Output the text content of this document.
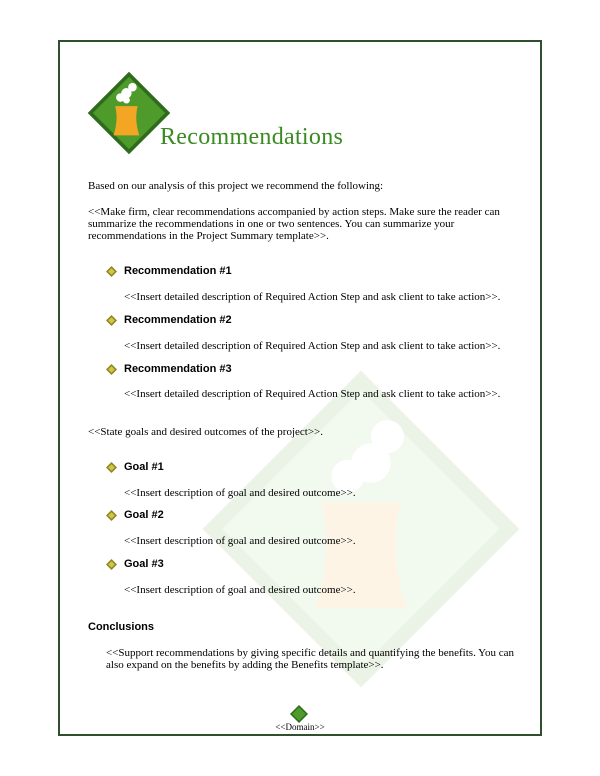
Recommendations
Based on our analysis of this project we recommend the following:
<<Make firm, clear recommendations accompanied by action steps. Make sure the reader can
summarize the recommendations in one or two sentences. You can summarize your
recommendations in the Project Summary template>>.
Recommendation #1
<<Insert detailed description of Required Action Step and ask client to take action>>.
Recommendation #2
<<Insert detailed description of Required Action Step and ask client to take action>>.
Recommendation #3
<<Insert detailed description of Required Action Step and ask client to take action>>.
<<State goals and desired outcomes of the project>>.
Goal #1
<<Insert description of goal and desired outcome>>.
Goal #2
<<Insert description of goal and desired outcome>>.
Goal #3
<<Insert description of goal and desired outcome>>.
Conclusions
<<Support recommendations by giving specific details and quantifying the benefits. You can
also expand on the benefits by adding the Benefits template>>.
<<Domain>>
